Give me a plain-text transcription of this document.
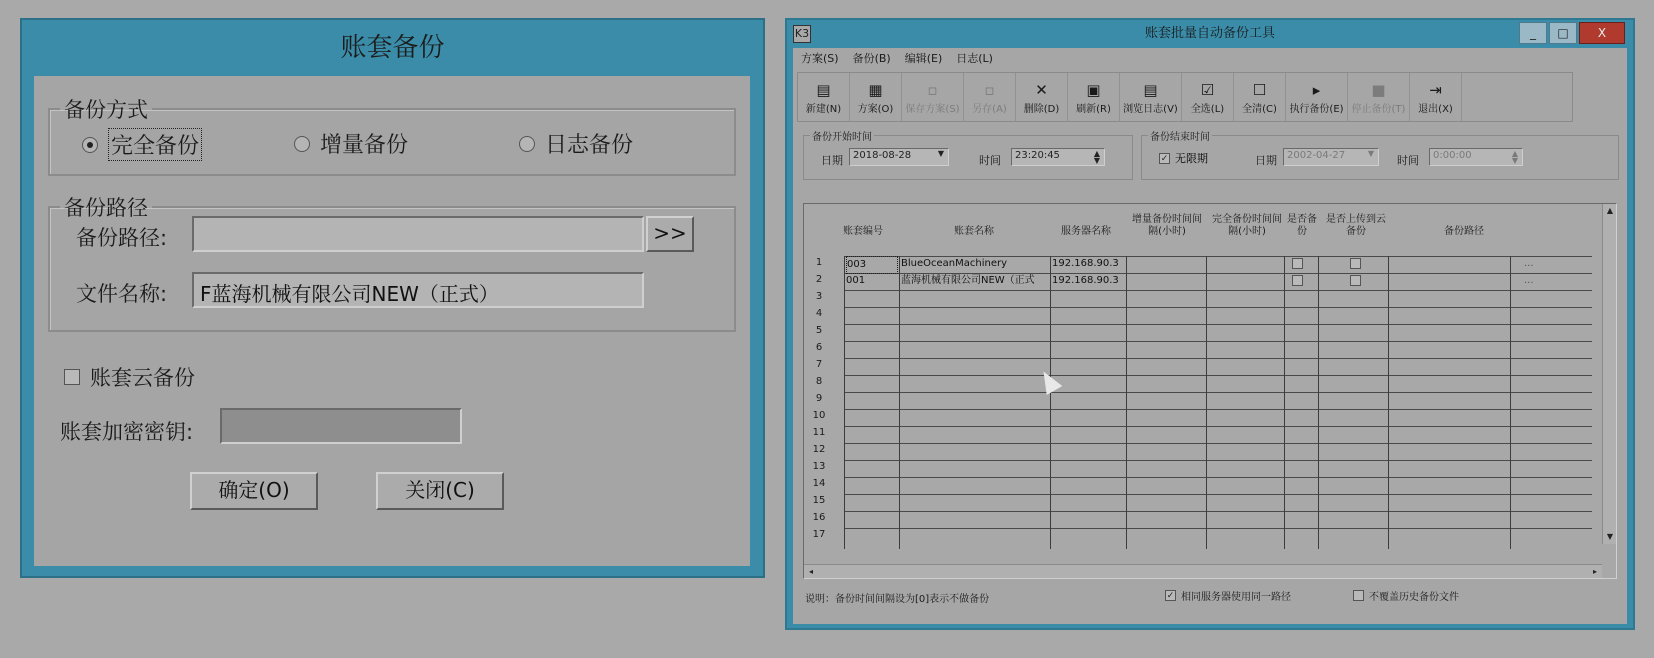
账套备份
备份方式
完全备份	增量备份	日志备份
备份路径
备份路径:	>>
文件名称:	F蓝海机械有限公司NEW（正式）
账套云备份
账套加密密钥:
确定(O)	关闭(C)
K3	账套批量自动备份工具	_	□	X
方案(S) 备份(B) 编辑(E) 日志(L)
▤
新建(N)
▦
方案(O)
▫
保存方案(S)
▫
另存(A)
✕
删除(D)
▣
刷新(R)
▤
浏览日志(V)
☑
全选(L)
☐
全清(C)
▸
执行备份(E)
■
停止备份(T)
⇥
退出(X)
备份开始时间
日期	2018-08-28	▼
时间	23:20:45	▲
▼
备份结束时间
✓ 无限期	日期	2002-04-27	▼
时间	0:00:00	▲
▼
账套编号	账套名称	服务器名称
增量备份时间间隔(小时)
完全备份时间间隔(小时)
是否备份
是否上传到云备份	备份路径
1
2
3
4
5
6
7
8
9
10
11
12
13
14
15
16
17
003	BlueOceanMachinery	192.168.90.3	...
001	蓝海机械有限公司NEW（正式	192.168.90.3	...
▲
▼
◂	▸
说明：备份时间间隔设为[0]表示不做备份	✓ 相同服务器使用同一路径	不覆盖历史备份文件
